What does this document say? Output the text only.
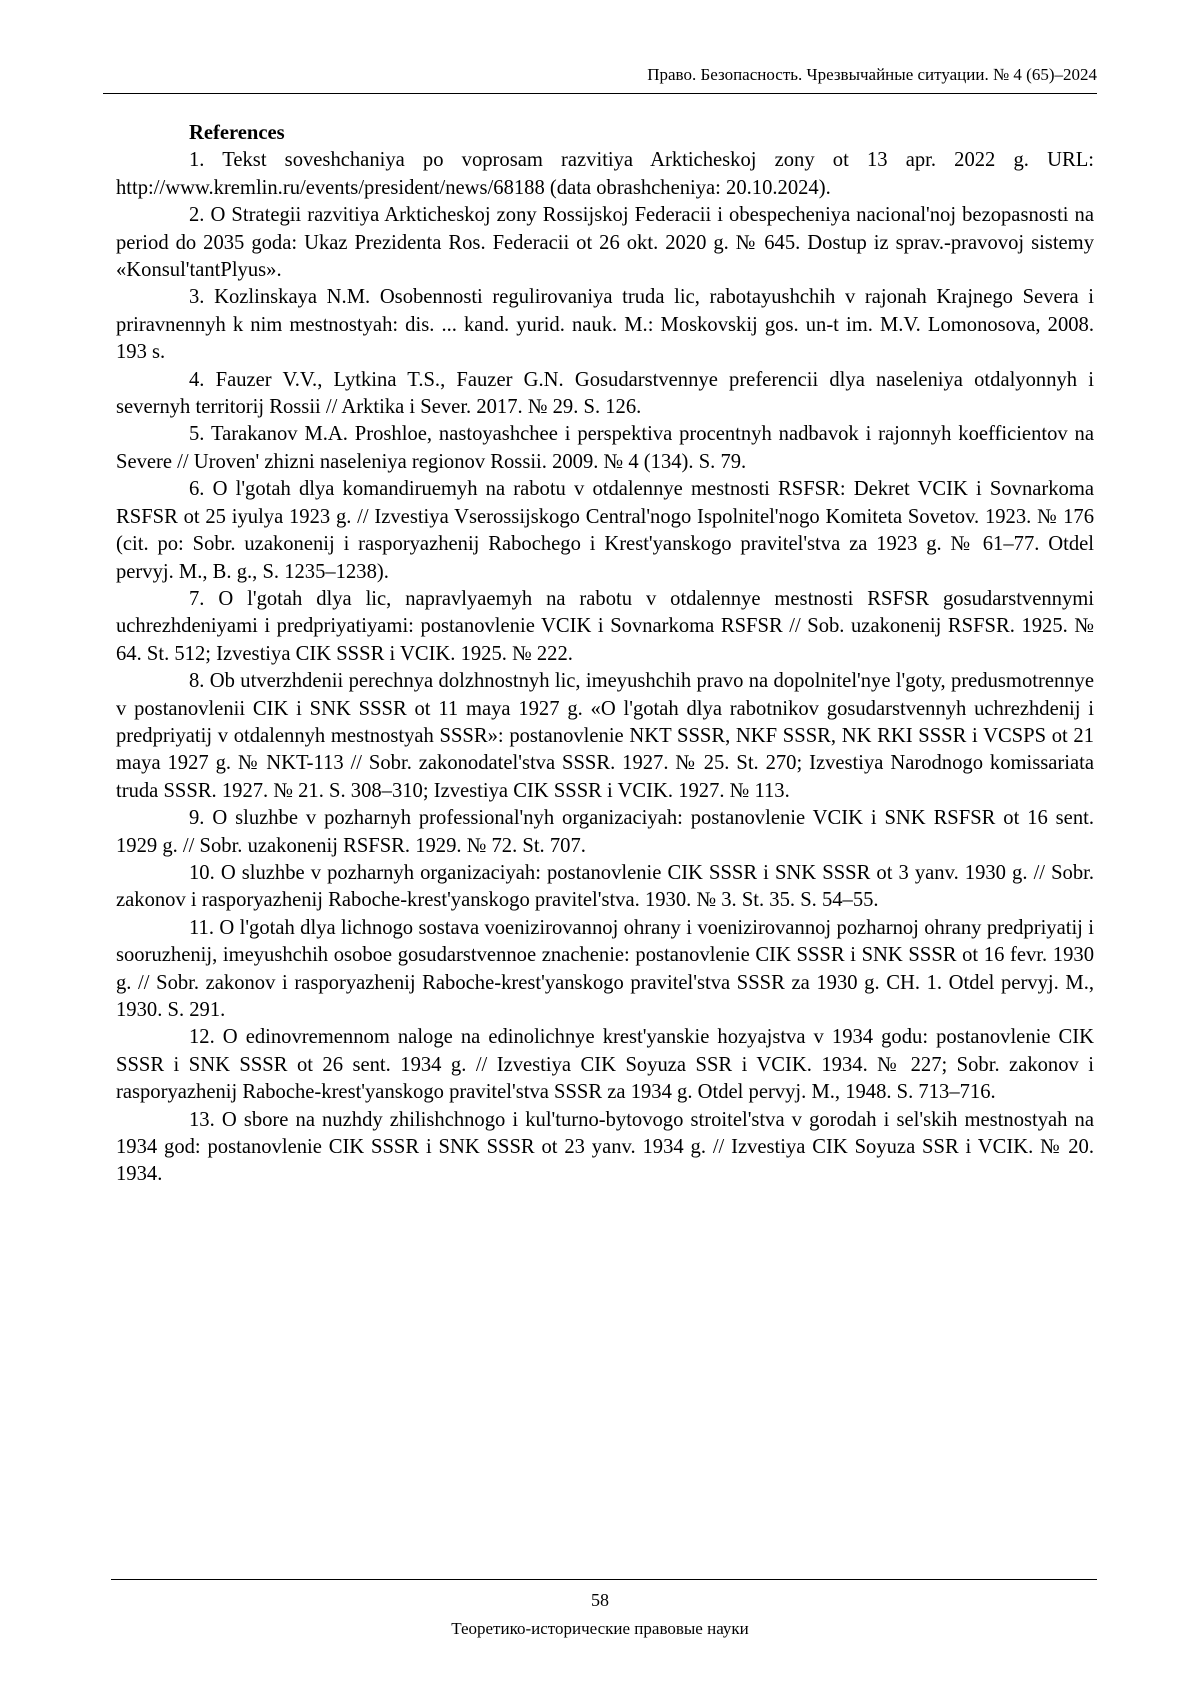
Право. Безопасность. Чрезвычайные ситуации. № 4 (65)–2024

References

1. Tekst soveshchaniya po voprosam razvitiya Arkticheskoj zony ot 13 apr. 2022 g. URL: http://www.kremlin.ru/events/president/news/68188 (data obrashcheniya: 20.10.2024).
2. O Strategii razvitiya Arkticheskoj zony Rossijskoj Federacii i obespecheniya nacional'noj bezopasnosti na period do 2035 goda: Ukaz Prezidenta Ros. Federacii ot 26 okt. 2020 g. № 645. Dostup iz sprav.-pravovoj sistemy «Konsul'tantPlyus».
3. Kozlinskaya N.M. Osobennosti regulirovaniya truda lic, rabotayushchih v rajonah Krajnego Severa i priravnennyh k nim mestnostyah: dis. ... kand. yurid. nauk. M.: Moskovskij gos. un-t im. M.V. Lomonosova, 2008. 193 s.
4. Fauzer V.V., Lytkina T.S., Fauzer G.N. Gosudarstvennye preferencii dlya naseleniya otdalyonnyh i severnyh territorij Rossii // Arktika i Sever. 2017. № 29. S. 126.
5. Tarakanov M.A. Proshloe, nastoyashchee i perspektiva procentnyh nadbavok i rajonnyh koefficientov na Severe // Uroven' zhizni naseleniya regionov Rossii. 2009. № 4 (134). S. 79.
6. O l'gotah dlya komandiruemyh na rabotu v otdalennye mestnosti RSFSR: Dekret VCIK i Sovnarkoma RSFSR ot 25 iyulya 1923 g. // Izvestiya Vserossijskogo Central'nogo Ispolnitel'nogo Komiteta Sovetov. 1923. № 176 (cit. po: Sobr. uzakonenij i rasporyazhenij Rabochego i Krest'yanskogo pravitel'stva za 1923 g. № 61–77. Otdel pervyj. M., B. g., S. 1235–1238).
7. O l'gotah dlya lic, napravlyaemyh na rabotu v otdalennye mestnosti RSFSR gosudarstvennymi uchrezhdeniyami i predpriyatiyami: postanovlenie VCIK i Sovnarkoma RSFSR // Sob. uzakonenij RSFSR. 1925. № 64. St. 512; Izvestiya CIK SSSR i VCIK. 1925. № 222.
8. Ob utverzhdenii perechnya dolzhnostnyh lic, imeyushchih pravo na dopolnitel'nye l'goty, predusmotrennye v postanovlenii CIK i SNK SSSR ot 11 maya 1927 g. «O l'gotah dlya rabotnikov gosudarstvennyh uchrezhdenij i predpriyatij v otdalennyh mestnostyah SSSR»: postanovlenie NKT SSSR, NKF SSSR, NK RKI SSSR i VCSPS ot 21 maya 1927 g. № NKT-113 // Sobr. zakonodatel'stva SSSR. 1927. № 25. St. 270; Izvestiya Narodnogo komissariata truda SSSR. 1927. № 21. S. 308–310; Izvestiya CIK SSSR i VCIK. 1927. № 113.
9. O sluzhbe v pozharnyh professional'nyh organizaciyah: postanovlenie VCIK i SNK RSFSR ot 16 sent. 1929 g. // Sobr. uzakonenij RSFSR. 1929. № 72. St. 707.
10. O sluzhbe v pozharnyh organizaciyah: postanovlenie CIK SSSR i SNK SSSR ot 3 yanv. 1930 g. // Sobr. zakonov i rasporyazhenij Raboche-krest'yanskogo pravitel'stva. 1930. № 3. St. 35. S. 54–55.
11. O l'gotah dlya lichnogo sostava voenizirovannoj ohrany i voenizirovannoj pozharnoj ohrany predpriyatij i sooruzhenij, imeyushchih osoboe gosudarstvennoe znachenie: postanovlenie CIK SSSR i SNK SSSR ot 16 fevr. 1930 g. // Sobr. zakonov i rasporyazhenij Raboche-krest'yanskogo pravitel'stva SSSR za 1930 g. CH. 1. Otdel pervyj. M., 1930. S. 291.
12. O edinovremennom naloge na edinolichnye krest'yanskie hozyajstva v 1934 godu: postanovlenie CIK SSSR i SNK SSSR ot 26 sent. 1934 g. // Izvestiya CIK Soyuza SSR i VCIK. 1934. № 227; Sobr. zakonov i rasporyazhenij Raboche-krest'yanskogo pravitel'stva SSSR za 1934 g. Otdel pervyj. M., 1948. S. 713–716.
13. O sbore na nuzhdy zhilishchnogo i kul'turno-bytovogo stroitel'stva v gorodah i sel'skih mestnostyah na 1934 god: postanovlenie CIK SSSR i SNK SSSR ot 23 yanv. 1934 g. // Izvestiya CIK Soyuza SSR i VCIK. № 20. 1934.
58
Теоретико-исторические правовые науки
